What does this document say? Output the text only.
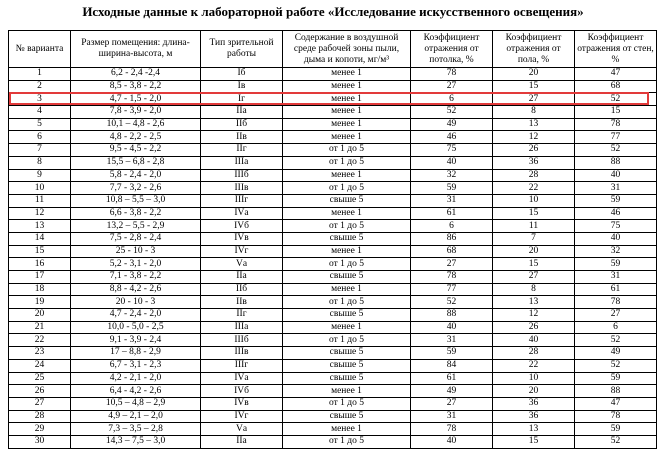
Исходные данные к лабораторной работе «Исследование искусственного освещения»
№ варианта	Размер помещения: длина-ширина-высота, м	Тип зрительной работы	Содержание в воздушной среде рабочей зоны пыли, дыма и копоти, мг/м³	Коэффициент отражения от потолка, %	Коэффициент отражения от пола, %	Коэффициент отражения от стен, %
1	6,2 - 2,4 -2,4	Iб	менее 1	78	20	47
2	8,5 - 3,8 - 2,2	Iв	менее 1	27	15	68
3	4,7 - 1,5 - 2,0	Iг	менее 1	6	27	52
4	7,8 - 3,9 - 2,0	IIа	менее 1	52	8	15
5	10,1 – 4,8 - 2,6	IIб	менее 1	49	13	78
6	4,8 - 2,2 - 2,5	IIв	менее 1	46	12	77
7	9,5 - 4,5 - 2,2	IIг	от 1 до 5	75	26	52
8	15,5 – 6,8 - 2,8	IIIа	от 1 до 5	40	36	88
9	5,8 - 2,4 - 2,0	IIIб	менее 1	32	28	40
10	7,7 - 3,2 - 2,6	IIIв	от 1 до 5	59	22	31
11	10,8 – 5,5 – 3,0	IIIг	свыше 5	31	10	59
12	6,6 - 3,8 - 2,2	IVа	менее 1	61	15	46
13	13,2 – 5,5 - 2,9	IVб	от 1 до 5	6	11	75
14	7,5 - 2,8 - 2,4	IVв	свыше 5	86	7	40
15	25 - 10 - 3	IVг	менее 1	68	20	32
16	5,2 - 3,1 - 2,0	Vа	от 1 до 5	27	15	59
17	7,1 - 3,8 - 2,2	IIа	свыше 5	78	27	31
18	8,8 - 4,2 - 2,6	IIб	менее 1	77	8	61
19	20 - 10 - 3	IIв	от 1 до 5	52	13	78
20	4,7 - 2,4 - 2,0	IIг	свыше 5	88	12	27
21	10,0 - 5,0 - 2,5	IIIа	менее 1	40	26	6
22	9,1 - 3,9 - 2,4	IIIб	от 1 до 5	31	40	52
23	17 – 8,8 - 2,9	IIIв	свыше 5	59	28	49
24	6,7 - 3,1 - 2,3	IIIг	свыше 5	84	22	52
25	4,2 - 2,1 - 2,0	IVа	свыше 5	61	10	59
26	6,4 - 4,2 - 2,6	IVб	менее 1	49	20	88
27	10,5 – 4,8 – 2,9	IVв	от 1 до 5	27	36	47
28	4,9 – 2,1 – 2,0	IVг	свыше 5	31	36	78
29	7,3 – 3,5 – 2,8	Vа	менее 1	78	13	59
30	14,3 – 7,5 – 3,0	IIа	от 1 до 5	40	15	52
